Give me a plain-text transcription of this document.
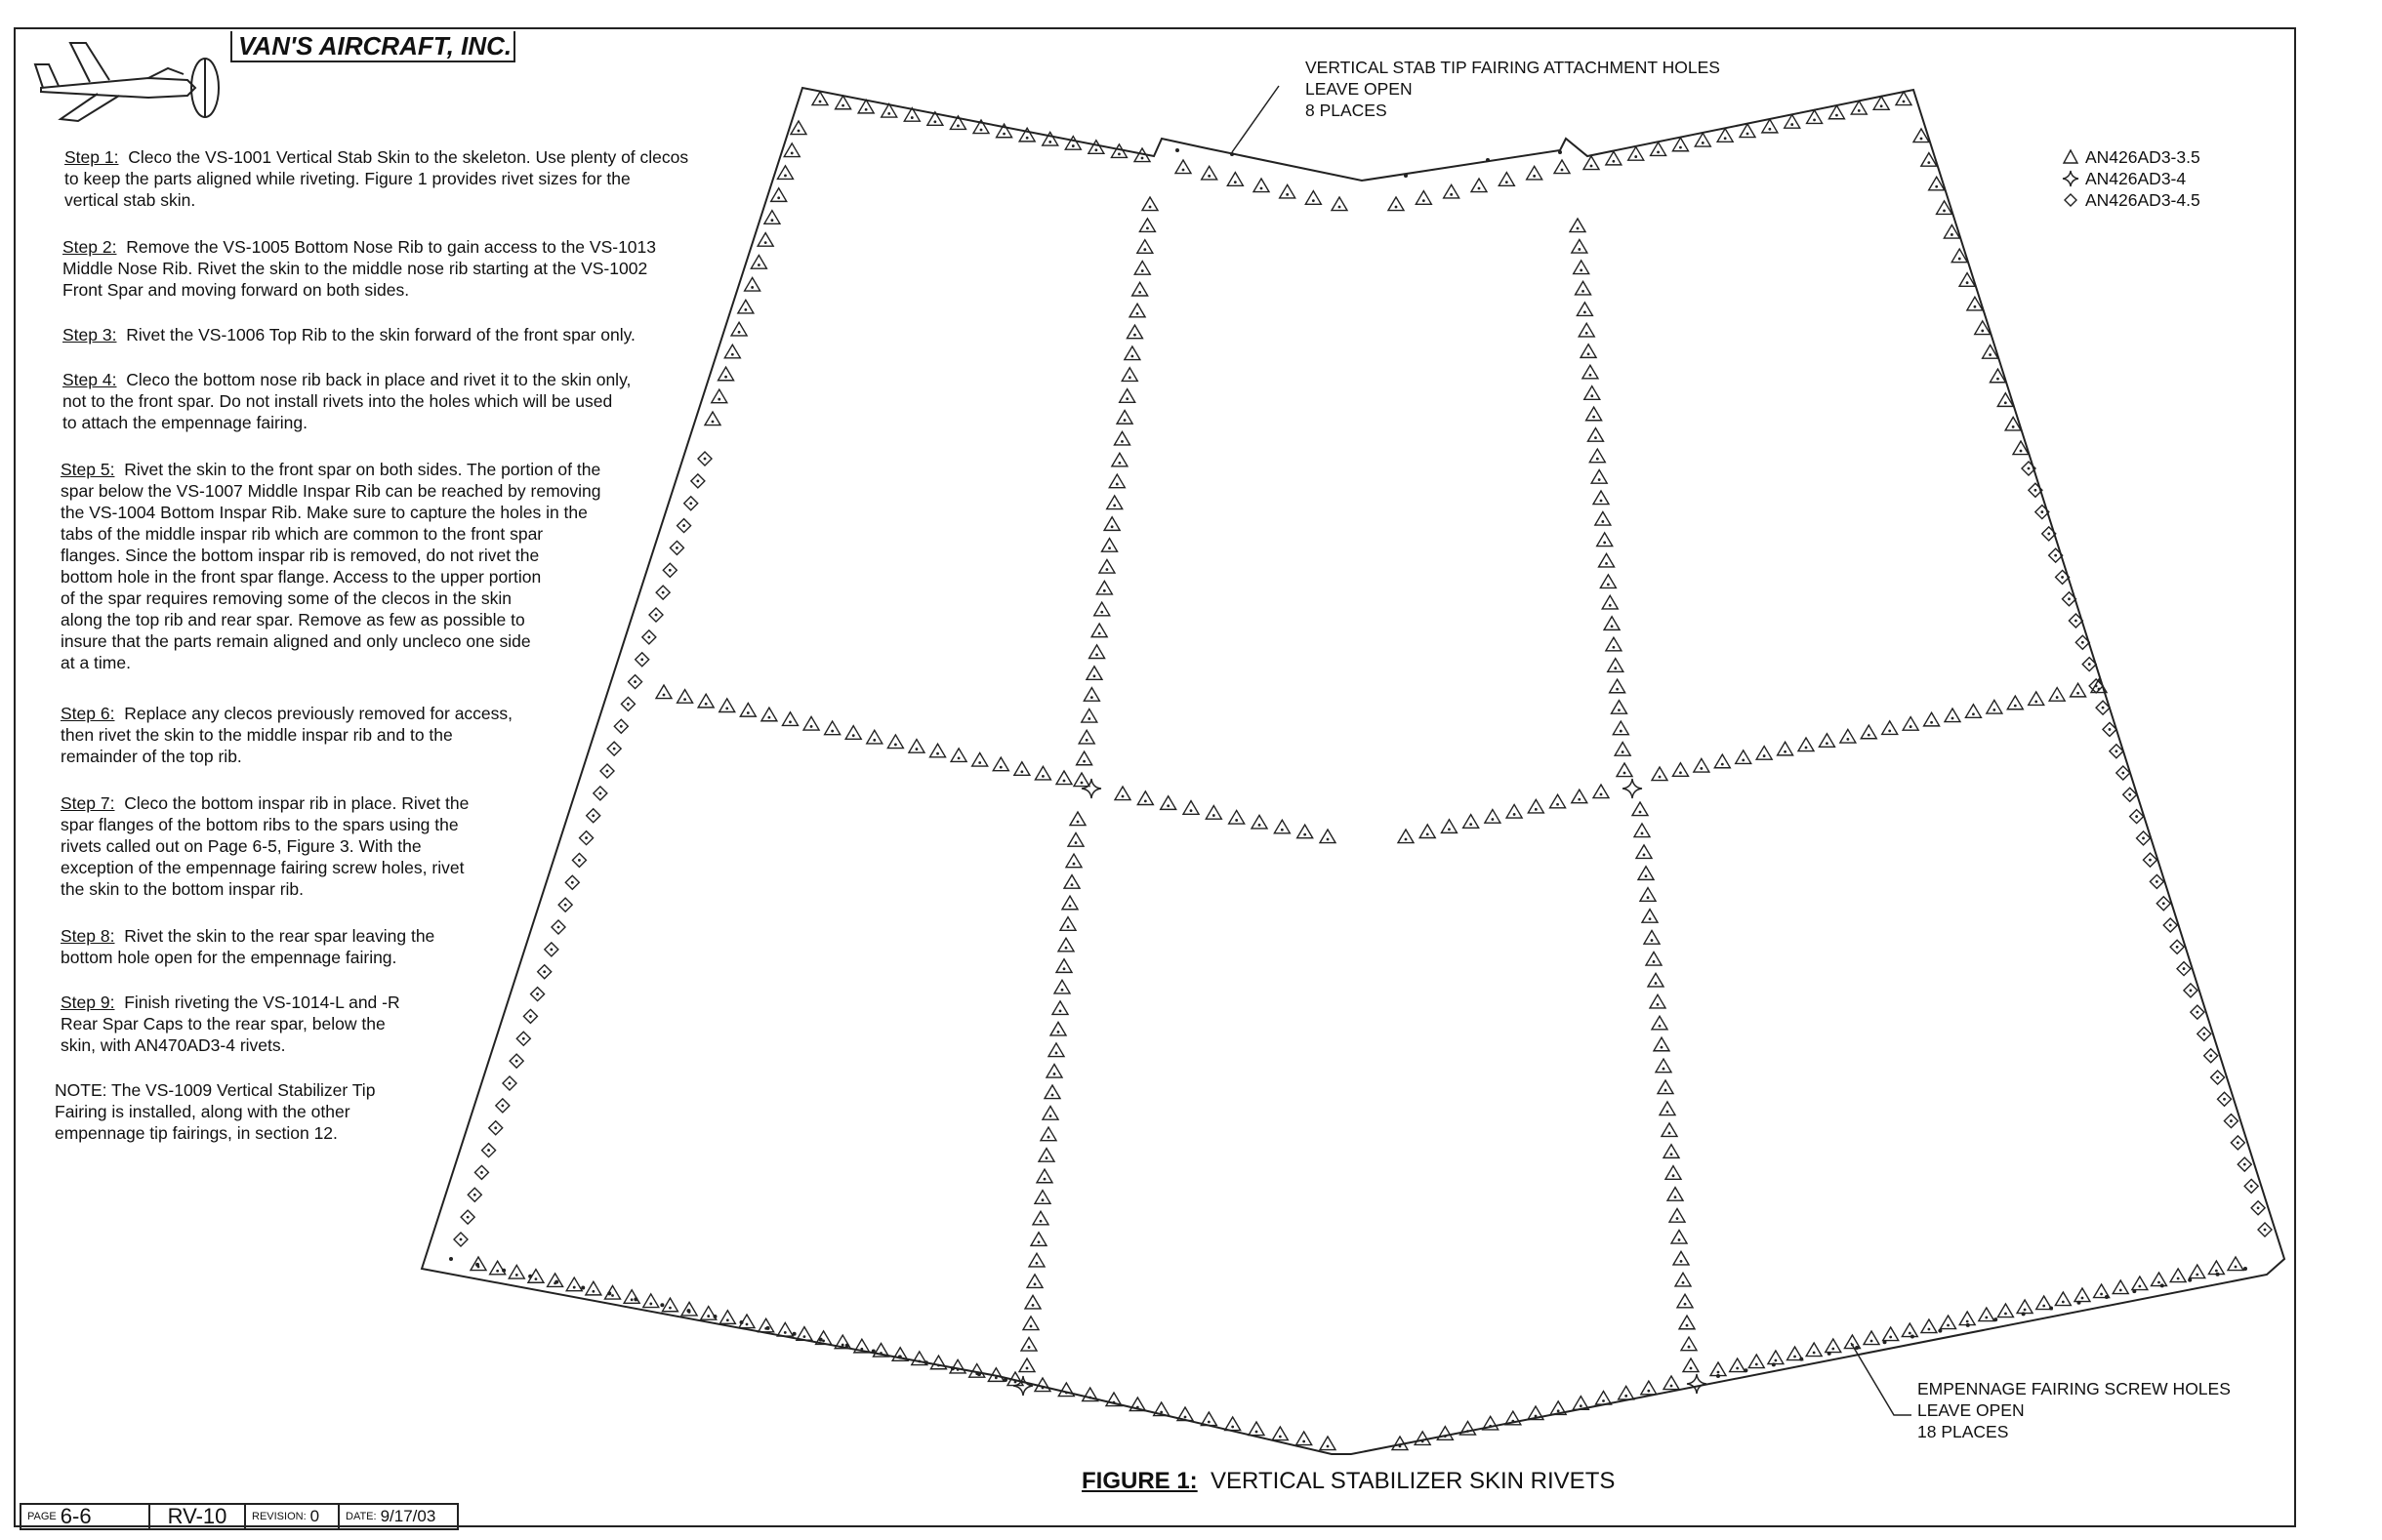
VAN'S AIRCRAFT, INC.
Step 1: Cleco the VS-1001 Vertical Stab Skin to the skeleton. Use plenty of clecos
to keep the parts aligned while riveting. Figure 1 provides rivet sizes for the
vertical stab skin.
Step 2: Remove the VS-1005 Bottom Nose Rib to gain access to the VS-1013
Middle Nose Rib. Rivet the skin to the middle nose rib starting at the VS-1002
Front Spar and moving forward on both sides.
Step 3: Rivet the VS-1006 Top Rib to the skin forward of the front spar only.
Step 4: Cleco the bottom nose rib back in place and rivet it to the skin only,
not to the front spar. Do not install rivets into the holes which will be used
to attach the empennage fairing.
Step 5: Rivet the skin to the front spar on both sides. The portion of the
spar below the VS-1007 Middle Inspar Rib can be reached by removing
the VS-1004 Bottom Inspar Rib. Make sure to capture the holes in the
tabs of the middle inspar rib which are common to the front spar
flanges. Since the bottom inspar rib is removed, do not rivet the
bottom hole in the front spar flange. Access to the upper portion
of the spar requires removing some of the clecos in the skin
along the top rib and rear spar. Remove as few as possible to
insure that the parts remain aligned and only uncleco one side
at a time.
Step 6: Replace any clecos previously removed for access,
then rivet the skin to the middle inspar rib and to the
remainder of the top rib.
Step 7: Cleco the bottom inspar rib in place. Rivet the
spar flanges of the bottom ribs to the spars using the
rivets called out on Page 6-5, Figure 3. With the
exception of the empennage fairing screw holes, rivet
the skin to the bottom inspar rib.
Step 8: Rivet the skin to the rear spar leaving the
bottom hole open for the empennage fairing.
Step 9: Finish riveting the VS-1014-L and -R
Rear Spar Caps to the rear spar, below the
skin, with AN470AD3-4 rivets.
NOTE: The VS-1009 Vertical Stabilizer Tip
Fairing is installed, along with the other
empennage tip fairings, in section 12.
VERTICAL STAB TIP FAIRING ATTACHMENT HOLES
LEAVE OPEN
8 PLACES
EMPENNAGE FAIRING SCREW HOLES
LEAVE OPEN
18 PLACES
AN426AD3-3.5
AN426AD3-4
AN426AD3-4.5
FIGURE 1: VERTICAL STABILIZER SKIN RIVETS
PAGE 6-6	RV-10 REVISION: 0 DATE: 9/17/03
